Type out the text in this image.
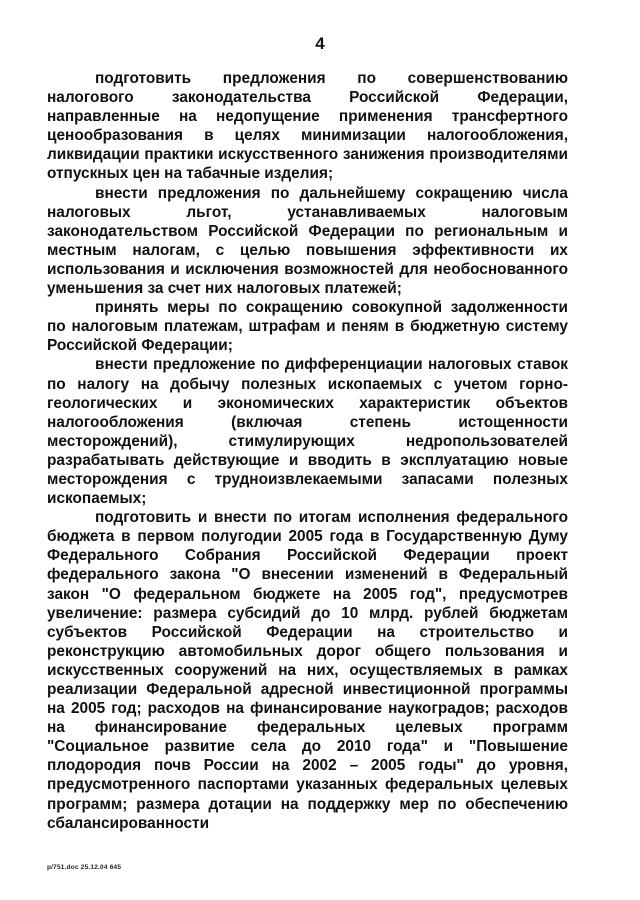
4

подготовить предложения по совершенствованию налогового законодательства Российской Федерации, направленные на недопущение применения трансфертного ценообразования в целях минимизации налогообложения, ликвидации практики искусственного занижения производителями отпускных цен на табачные изделия;

внести предложения по дальнейшему сокращению числа налоговых льгот, устанавливаемых налоговым законодательством Российской Федерации по региональным и местным налогам, с целью повышения эффективности их использования и исключения возможностей для необоснованного уменьшения за счет них налоговых платежей;

принять меры по сокращению совокупной задолженности по налоговым платежам, штрафам и пеням в бюджетную систему Российской Федерации;

внести предложение по дифференциации налоговых ставок по налогу на добычу полезных ископаемых с учетом горно-геологических и экономических характеристик объектов налогообложения (включая степень истощенности месторождений), стимулирующих недропользователей разрабатывать действующие и вводить в эксплуатацию новые месторождения с трудноизвлекаемыми запасами полезных ископаемых;

подготовить и внести по итогам исполнения федерального бюджета в первом полугодии 2005 года в Государственную Думу Федерального Собрания Российской Федерации проект федерального закона "О внесении изменений в Федеральный закон "О федеральном бюджете на 2005 год", предусмотрев увеличение: размера субсидий до 10 млрд. рублей бюджетам субъектов Российской Федерации на строительство и реконструкцию автомобильных дорог общего пользования и искусственных сооружений на них, осуществляемых в рамках реализации Федеральной адресной инвестиционной программы на 2005 год; расходов на финансирование наукоградов; расходов на финансирование федеральных целевых программ "Социальное развитие села до 2010 года" и "Повышение плодородия почв России на 2002 – 2005 годы" до уровня, предусмотренного паспортами указанных федеральных целевых программ; размера дотации на поддержку мер по обеспечению сбалансированности

p/751.doc 25.12.04 645
